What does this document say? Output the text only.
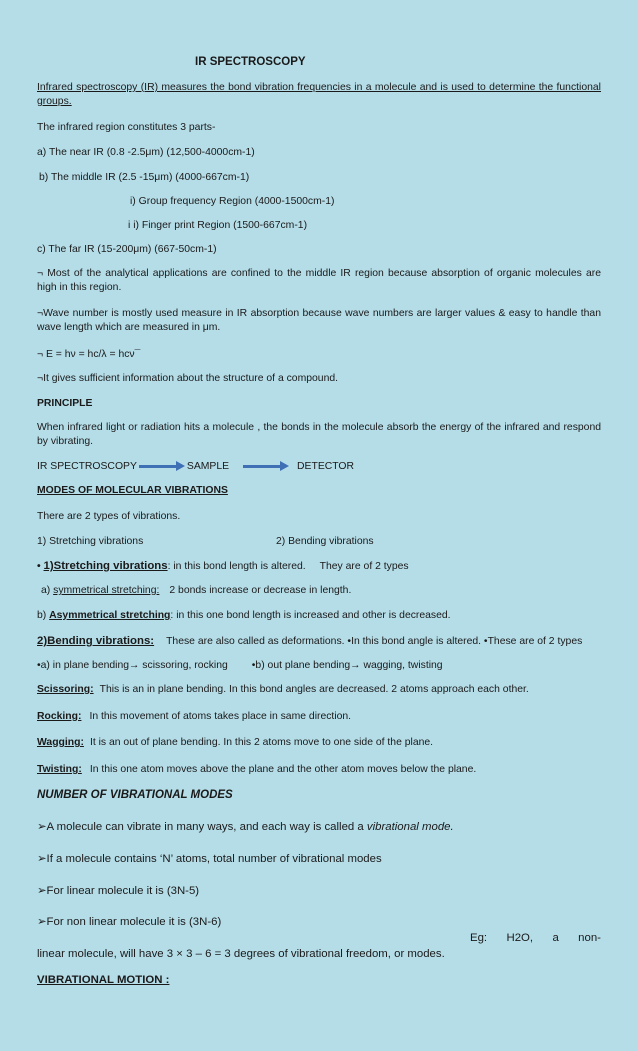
IR SPECTROSCOPY
Infrared spectroscopy (IR) measures the bond vibration frequencies in a molecule and is used to determine the functional groups.
The infrared region constitutes 3 parts-
a) The near IR (0.8 -2.5μm) (12,500-4000cm-1)
b) The middle IR (2.5 -15μm) (4000-667cm-1)
i) Group frequency Region (4000-1500cm-1)
i i) Finger print Region (1500-667cm-1)
c) The far IR (15-200μm) (667-50cm-1)
¬ Most of the analytical applications are confined to the middle IR region because absorption of organic molecules are high in this region.
¬Wave number is mostly used measure in IR absorption because wave numbers are larger values & easy to handle than wave length which are measured in μm.
¬ E = hν = hc/λ = hcν¯
¬It gives sufficient information about the structure of a compound.
PRINCIPLE
When infrared light or radiation hits a molecule , the bonds in the molecule absorb the energy of the infrared and respond by vibrating.
IR SPECTROSCOPY	SAMPLE	DETECTOR
MODES OF MOLECULAR VIBRATIONS
There are 2 types of vibrations.
1) Stretching vibrations	2) Bending vibrations
• 1)Stretching vibrations: in this bond length is altered. They are of 2 types
a) symmetrical stretching: 2 bonds increase or decrease in length.
b) Asymmetrical stretching: in this one bond length is increased and other is decreased.
2)Bending vibrations: These are also called as deformations. •In this bond angle is altered. •These are of 2 types
•a) in plane bending→ scissoring, rocking •b) out plane bending→ wagging, twisting
Scissoring: This is an in plane bending. In this bond angles are decreased. 2 atoms approach each other.
Rocking: In this movement of atoms takes place in same direction.
Wagging: It is an out of plane bending. In this 2 atoms move to one side of the plane.
Twisting: In this one atom moves above the plane and the other atom moves below the plane.
NUMBER OF VIBRATIONAL MODES
➢A molecule can vibrate in many ways, and each way is called a vibrational mode.
➢If a molecule contains ‘N’ atoms, total number of vibrational modes
➢For linear molecule it is (3N-5)
➢For non linear molecule it is (3N-6)
Eg: H2O, a non-
linear molecule, will have 3 × 3 – 6 = 3 degrees of vibrational freedom, or modes.
VIBRATIONAL MOTION :
